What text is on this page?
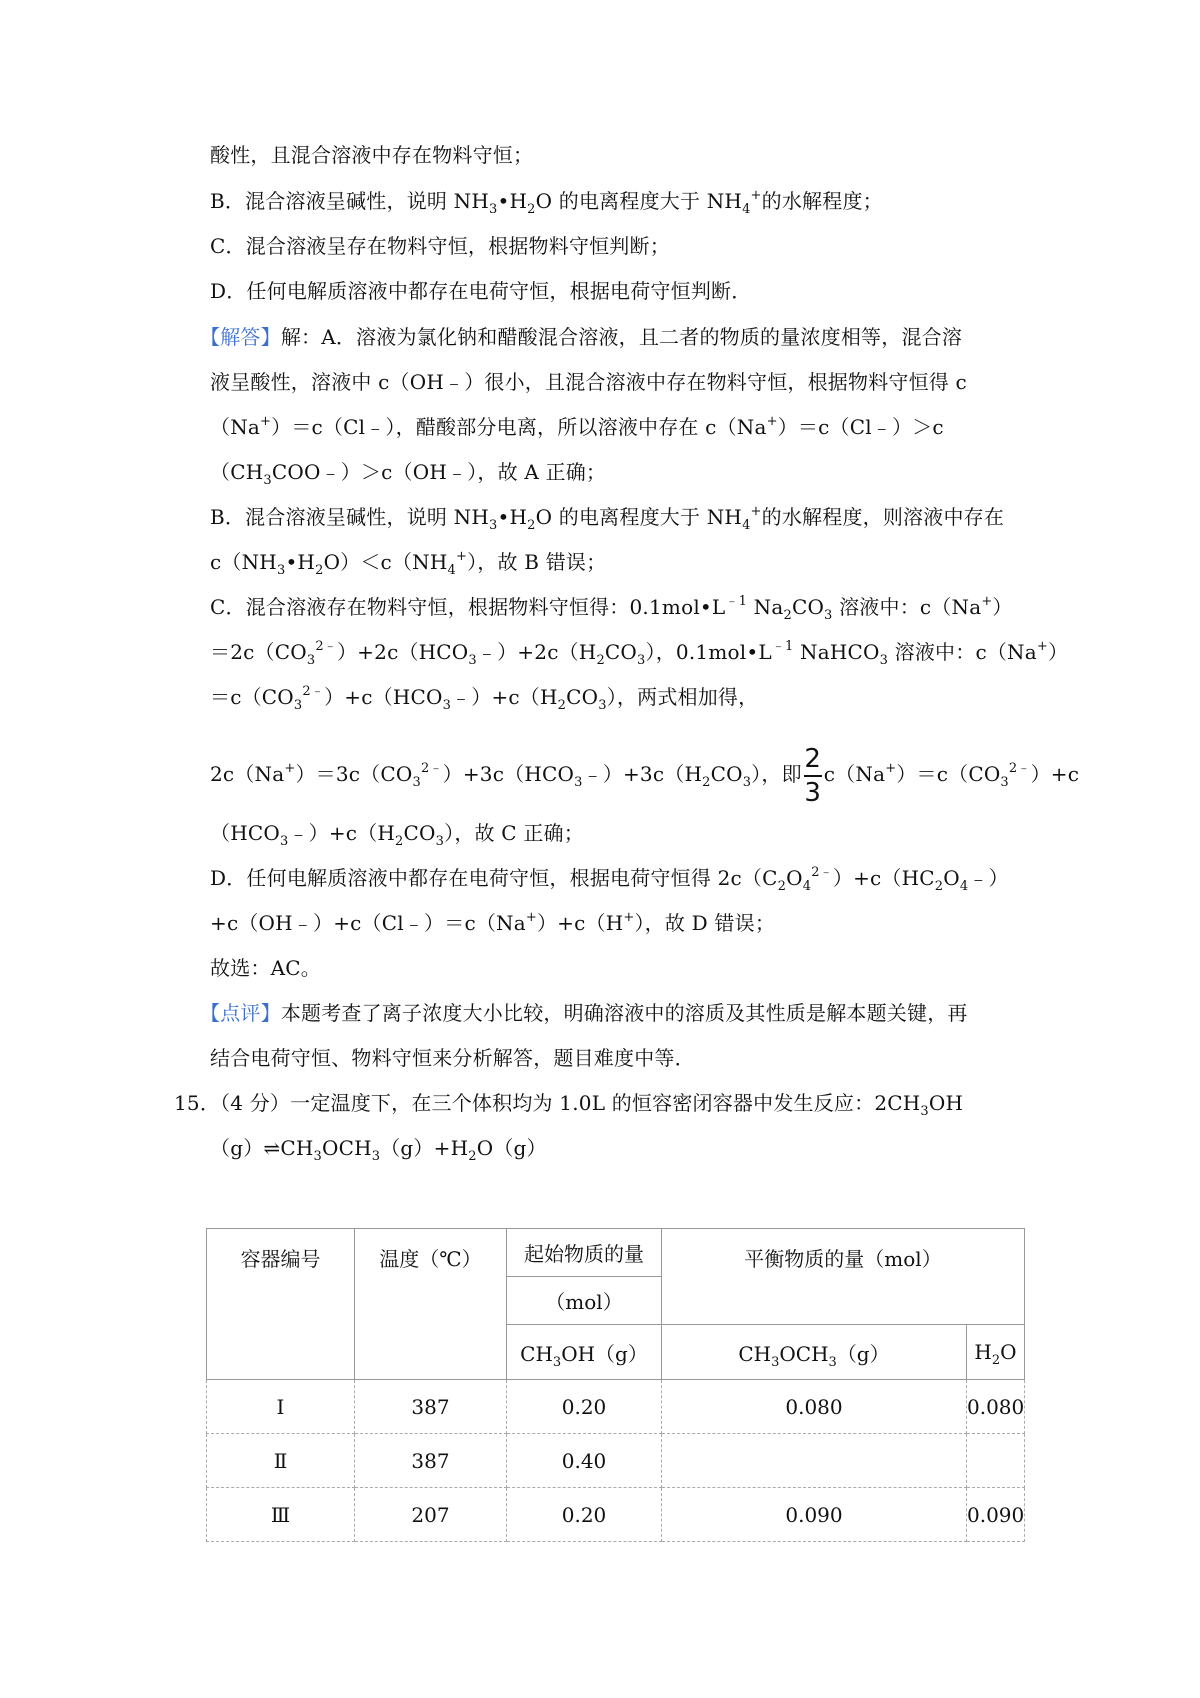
酸性，且混合溶液中存在物料守恒；
B．混合溶液呈碱性，说明 $NH_3•H_2O$ 的电离程度大于 $NH_4^+$的水解程度；
C．混合溶液呈存在物料守恒，根据物料守恒判断；
D．任何电解质溶液中都存在电荷守恒，根据电荷守恒判断．
【解答】解：A．溶液为氯化钠和醋酸混合溶液，且二者的物质的量浓度相等，混合溶
液呈酸性，溶液中 c（OH﹣）很小，且混合溶液中存在物料守恒，根据物料守恒得 c
（Na+）＝c（Cl﹣），醋酸部分电离，所以溶液中存在 c（Na+）＝c（Cl﹣）＞c
$(CH_3COO﹣)>c(OH﹣)$，故 A 正确；
B．混合溶液呈碱性，说明 $NH_3•H_2O$ 的电离程度大于 $NH_4^+$的水解程度，则溶液中存在
$c(NH_3•H_2O)<c(NH_4^+)$，故 B 错误；
C．混合溶液存在物料守恒，根据物料守恒得：$0.1mol•L^{﹣1}$ $Na_2CO_3$ 溶液中：c（Na+）
$=2c(CO_3^{2﹣})+2c(HCO_3﹣)+2c(H_2CO_3)$，$0.1mol•L^{﹣1}$ NaHCO$_3$ 溶液中：c（Na+）
$=c(CO_3^{2﹣})+c(HCO_3﹣)+c(H_2CO_3)$，两式相加得，
$2c(Na^+)=3c(CO_3^{2﹣})+3c(HCO_3﹣)+3c(H_2CO_3)$，即 $\frac{2}{3} c(Na^+)=c(CO_3^{2﹣})+c$
$(HCO_3﹣)+c(H_2CO_3)$，故 C 正确；
D．任何电解质溶液中都存在电荷守恒，根据电荷守恒得 $2c(C_2O_4^{2﹣})+c(HC_2O_4﹣)$
+c（OH﹣）+c（Cl﹣）＝c（Na+）+c（H+），故 D 错误；
故选：AC。
【点评】本题考查了离子浓度大小比较，明确溶液中的溶质及其性质是解本题关键，再
结合电荷守恒、物料守恒来分析解答，题目难度中等．
15．（4 分）一定温度下，在三个体积均为 1.0L 的恒容密闭容器中发生反应：$2CH_3OH$
$(g)\rightleftharpoons CH_3OCH_3(g)+H_2O(g)$
容器编号	温度（℃）	起始物质的量	平衡物质的量（mol）	
		（mol）		
		$CH_3OH(g)$	$CH_3OCH_3(g)$	$H_2O$
Ⅰ	387	0.20	0.080	0.080
Ⅱ	387	0.40		
Ⅲ	207	0.20	0.090	0.090
